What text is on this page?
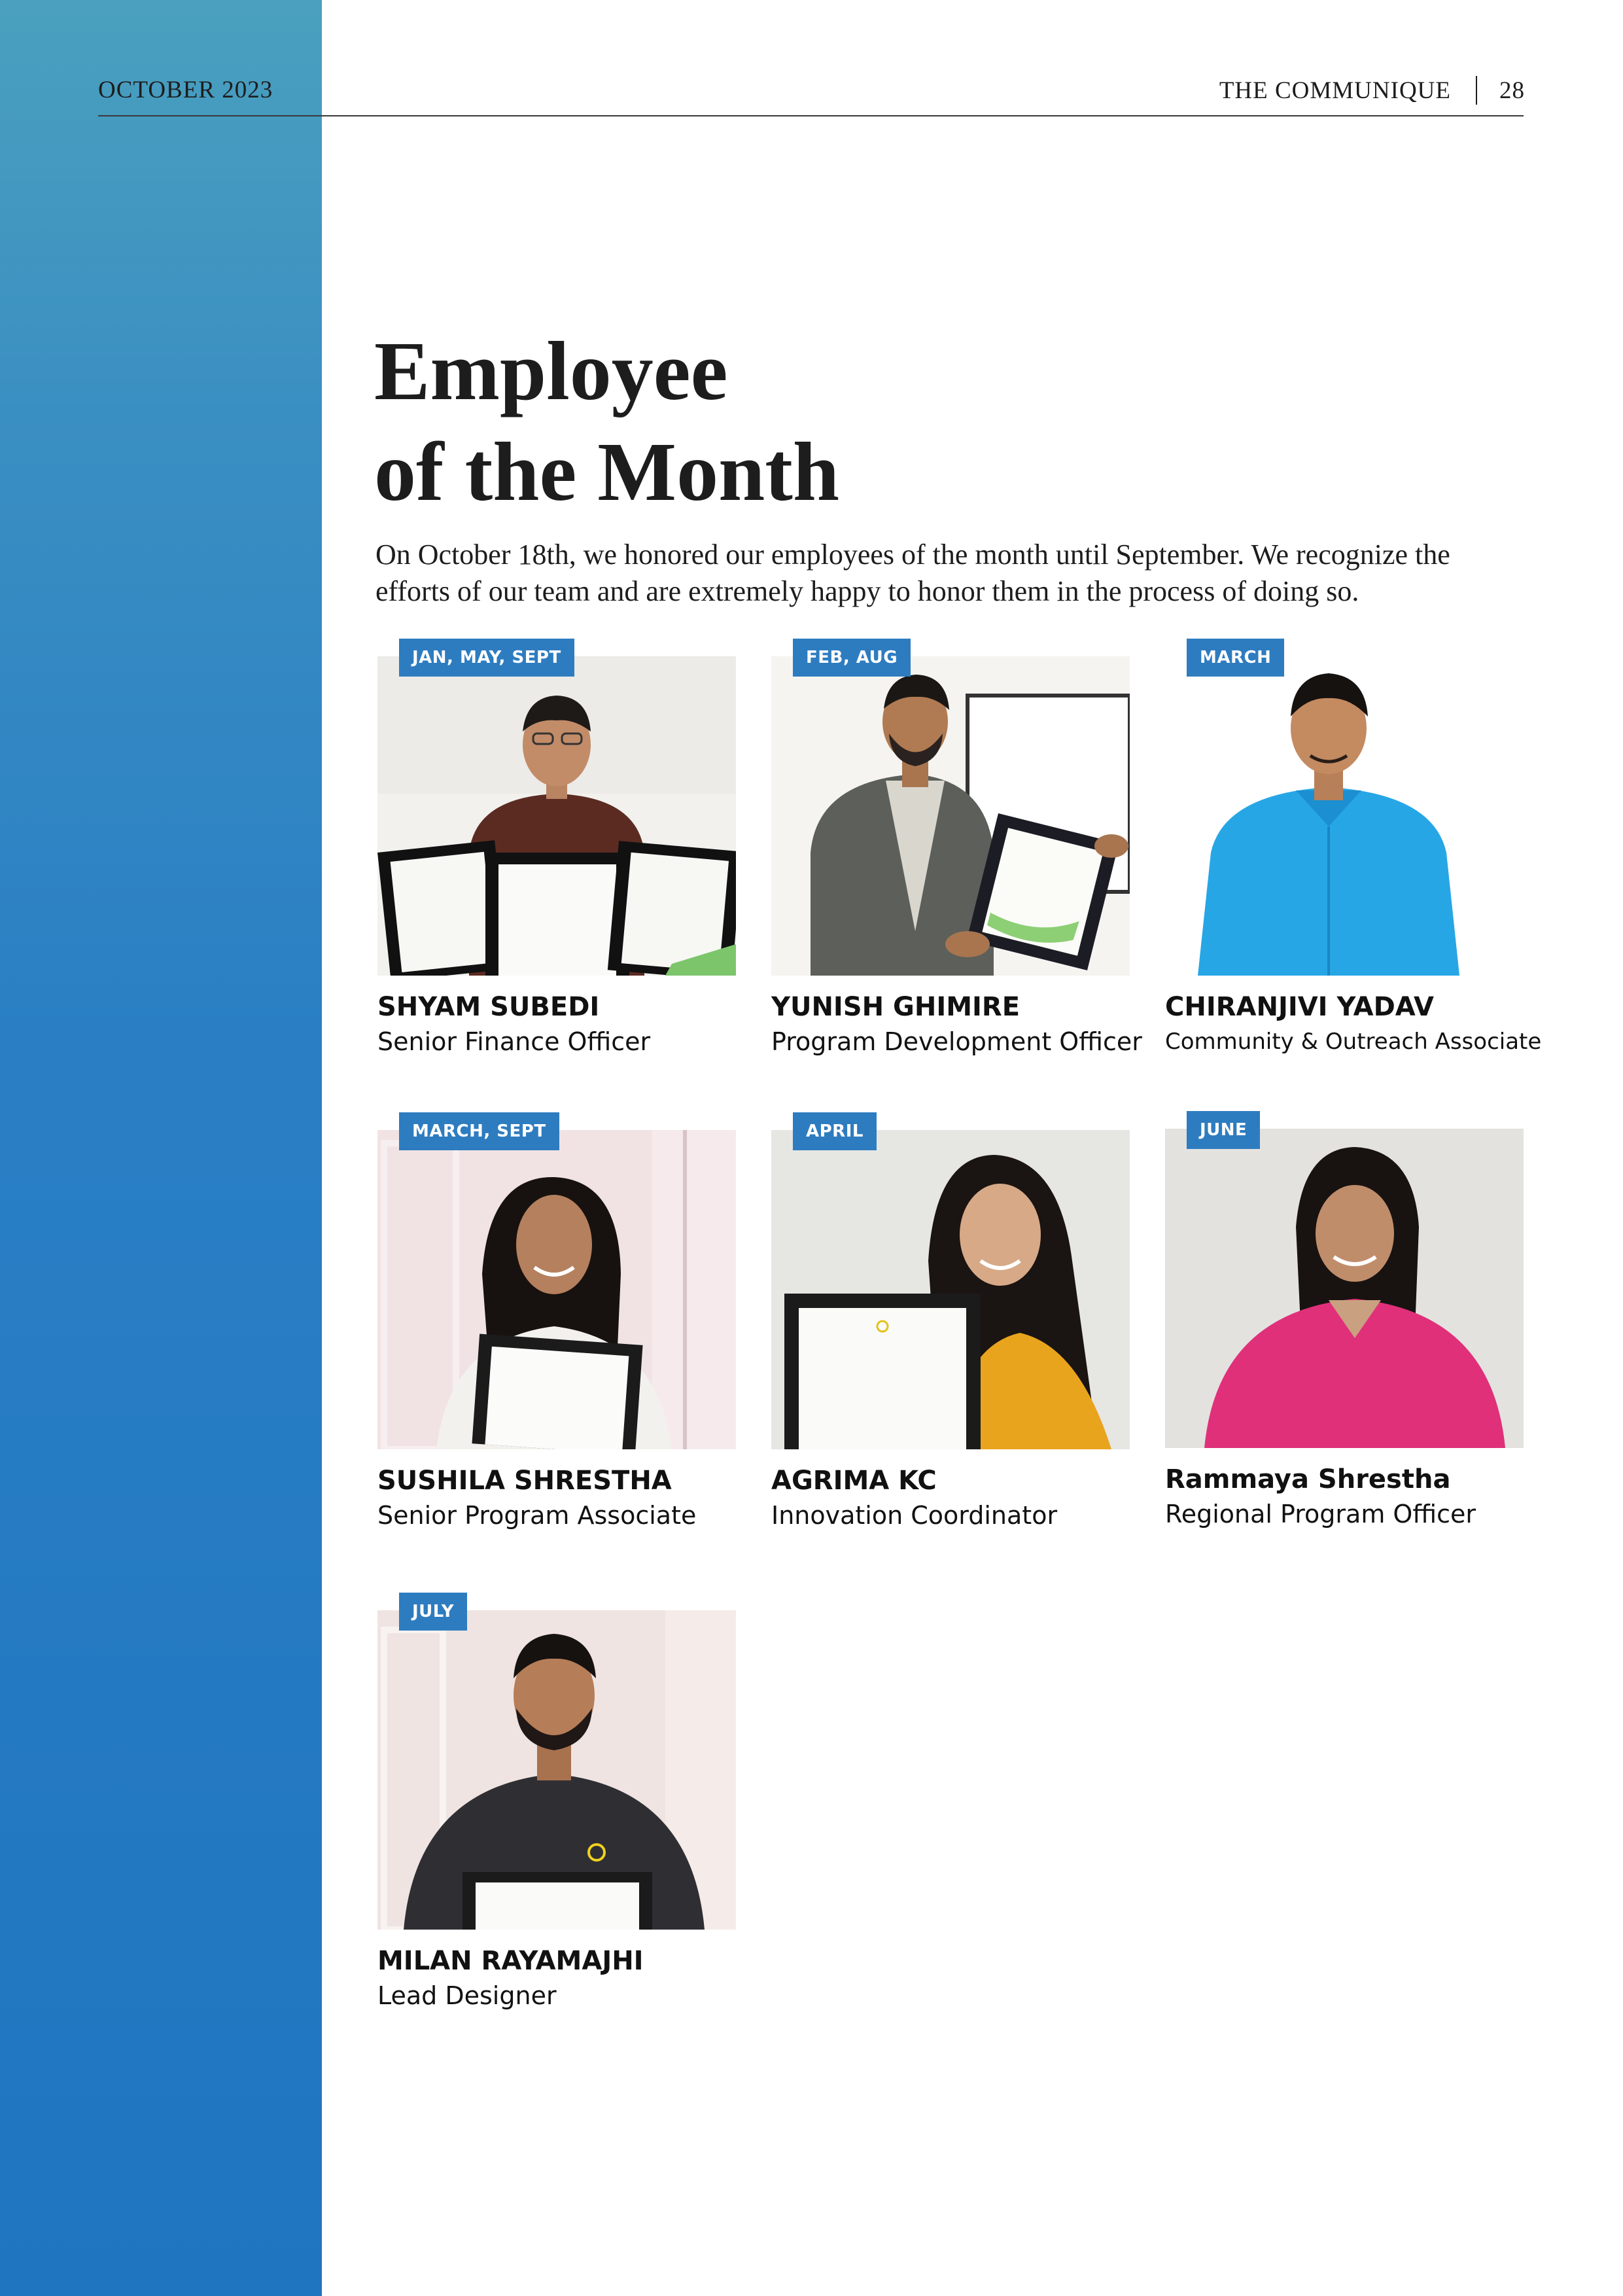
OCTOBER 2023	THE COMMUNIQUE 28
Employee
of the Month

On October 18th, we honored our employees of the month until September. We recognize the efforts of our team and are extremely happy to honor them in the process of doing so.

JAN, MAY, SEPT
SHYAM SUBEDI
Senior Finance Officer
FEB, AUG
YUNISH GHIMIRE
Program Development Officer
MARCH
CHIRANJIVI YADAV
Community & Outreach Associate
MARCH, SEPT
SUSHILA SHRESTHA
Senior Program Associate
APRIL
AGRIMA KC
Innovation Coordinator
JUNE
Rammaya Shrestha
Regional Program Officer
JULY
MILAN RAYAMAJHI
Lead Designer
